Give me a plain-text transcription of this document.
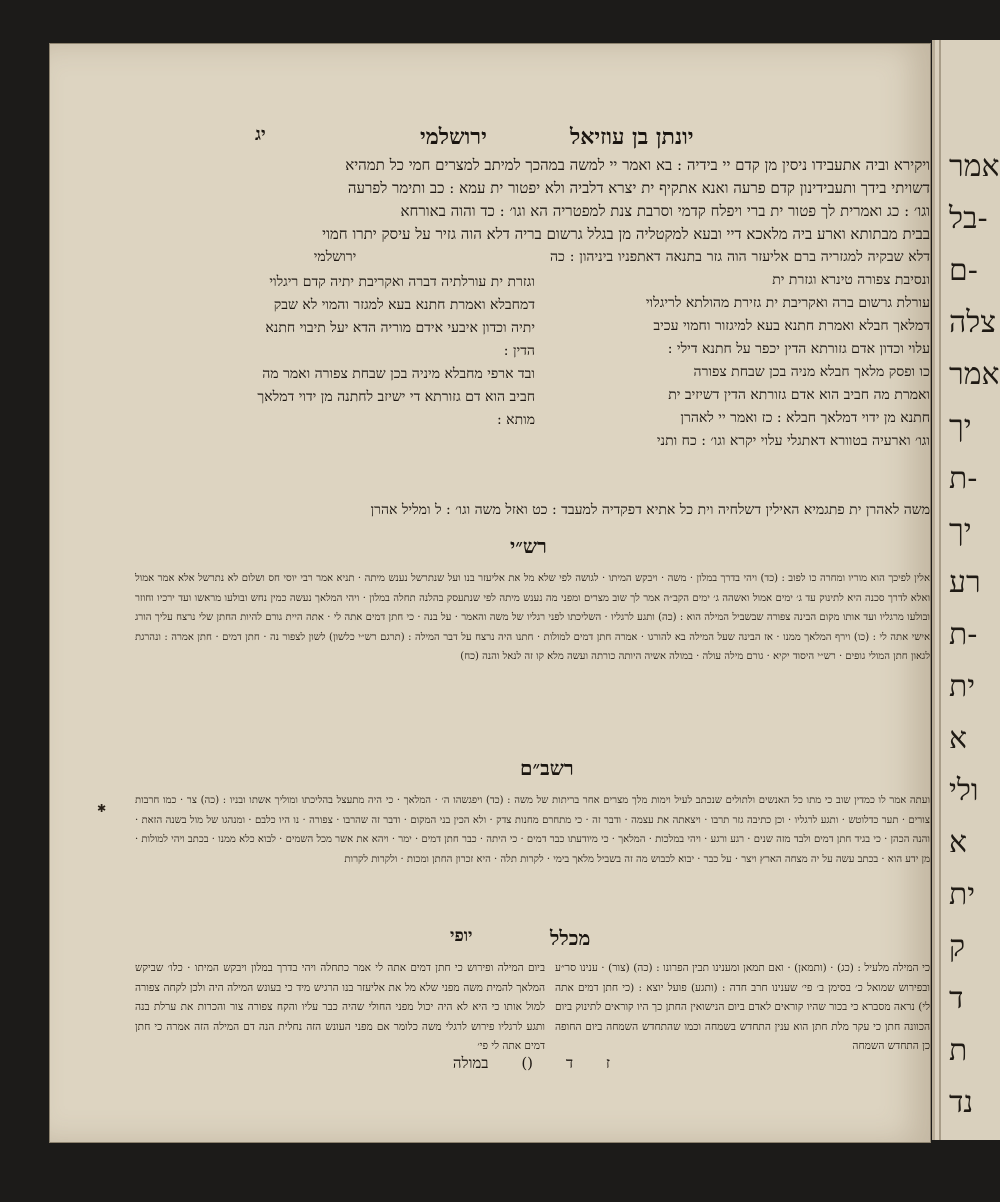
אמר
בל-
ם-
צלה
אמר
יך
ת-
יך
רע
ת-
ית
א
ולי
א
ית
ק
ד
ת
נד
יונתן בן עוזיאל
ירושלמי
יג

ויקירא וביה אתעבידו ניסין מן קדם יי בידיה : בא ואמר יי למשה במהכך למיתב למצרים חמי כל תמהיא

דשויתי בידך ותעבידינון קדם פרעה ואנא אתקיף ית יצרא דלביה ולא יפטור ית עמא : כב ותימר לפרעה

וגו׳ : כג ואמרית לך פטור ית ברי ויפלח קדמי וסרבת צנת למפטריה הא וגו׳ : כד והוה באורחא

בבית מבתותא וארע ביה מלאכא דיי ובעא למקטליה מן בגלל גרשום בריה דלא הוה גזיר על עיסק יתרו חמוי

ירושלמי
וגזרת ית עורלתיה דברה ואקריבת יתיה קדם ריגלוי
דמחבלא ואמרת חתנא בעא למגזר והמוי לא שבק
יתיה וכדון איבעי אידם מוריה הדא יעל תיבוי חתנא
הדין :
ובד ארפי מחבלא מיניה בכן שבחת צפורה ואמר מה
חביב הוא דם גזורתא די ישיזב לחתנה מן ידוי דמלאך
מותא :
דלא שבקיה למגזריה ברם אליעזר הוה גזר בתנאה דאתפניו ביניהון : כה ונסיבת צפורה טינרא וגזרת ית
עורלת גרשום ברה ואקריבת ית גזירת מהולתא לריגלוי
דמלאך חבלא ואמרת חתנא בעא למיגזור וחמוי עכיב
עלוי וכדון אדם גזורתא הדין יכפר על חתנא דילי :
כו ופסק מלאך חבלא מניה בכן שבחת צפורה
ואמרת מה חביב הוא אדם גזורתא הדין דשיזיב ית
חתנא מן ידוי דמלאך חבלא : כז ואמר יי לאהרן
וגו׳ וארעיה בטוורא דאתגלי עלוי יקרא וגו׳ : כח ותני
משה לאהרן ית פתגמיא האילין דשלחיה וית כל אתיא דפקדיה למעבד : כט ואזל משה וגו׳ : ל ומליל אהרן
רש״י
אלין לפיכך הוא מוריו ומחרה כו לפוב : (כד) ויהי בדרך במלון · משה · ויבקש המיתו · לגושה לפי שלא מל את אליעזר בנו ועל שנתרשל נענש מיתה · תניא אמר רבי יוסי חס ושלום לא נתרשל אלא אמר אמול ואלא לדרך סכנה היא לתינוק עד ג׳ ימים אמול ואשהה ג׳ ימים הקב״ה אמר לך שוב מצרים ומפני מה נענש מיתה לפי שנתעסק בהלנה תחלה במלון · ויהי המלאך נעשה כמין נחש ובולעו מראשו ועד ירכיו וחוזר ובולעו מרגליו ועד אותו מקום הבינה צפורה שבשביל המילה הוא : (כה) ותגע לרגליו · השליכתו לפני רגליו של משה והאמר · על בנה · כי חתן דמים אתה לי · אתה היית גורם להיות החתן שלי נרצח עליך הורג אישי אתה לי : (כו) וירף המלאך ממנו · אז הבינה שעל המילה בא להורגו · אמרה חתן דמים למולות · חתנו היה נרצח על דבר המילה : (תרגם רש״י כלשון) לשון לצפור נה · חתן דמים · חתן אמרה : ונהרגת לגאון חתן המולי גופים · רש״י היסוד יקיא · גורם מילה עולה · במולה אשיה היותה כורתה ועשה מלא קו זה לנאל והנה (כח)
רשב״ם
✱
ועתה אמר לו כמדין שוב כי מתו כל האנשים ולתולים שנכתב לעיל וימות מלך מצרים אחר בריתות של משה : (כד) ויפגשהו ה׳ · המלאך · כי היה מתעצל בהליכתו ומוליך אשתו ובניו : (כה) צר · כמו חרבות צורים · תער כדלוטש · ותגע לרגליו · וכן כתיבה גזר תרבו · ויצאתה את עצמה · ודבר זה · כי מתחרם מחנות צדק · ולא הכין בני המקום · ודבר זה שהרבו · צפורה · נו היו כלבם · ומנהגו של מול בשנה הזאת · והנה הכהן · כי בגיד חתן דמים ולבד מזה שנים · רגע ורגע · ויהי במלכות · המלאך · כי מיודעתו כבר דמים · כי היתה · כבר חתן דמים · ימר · ויהא את אשר מכל השמים · לבוא כלא ממנו · בכתב ויהי למולות · מן ידע הוא · בכתב עשה על יה מצחה הארץ ויצר · על כבר · יבוא לכבוש מה זה בשביל מלאך בימי · לקרות תלה · היא זכרון החתן ומכות · ולקרות לקרות
מכלל
יופי
כי המילה מלעיל : (כג) · (ותמאן) · ואם תמאן ומענינו תבין הפרונו : (כה) (צור) · ענינו סר״ע ובפירוש שמואל כ׳ בסימן ב׳ פי׳ שענינו חרב חדה : (ותגע) פועל יוצא : (כי חתן דמים אתה לי) נראה מסברא כי בכור שהיו קוראים לאדם ביום הנישואין החתן כך היו קוראים לתינוק ביום הכוונה חתן כי עקר מלת חתן הוא ענין התחדש בשמחה וכמו שהתחדש השמחה ביום החופה כן התחדש השמחה
ביום המילה ופירוש כי חתן דמים אתה לי אמר כתחלה ויהי בדרך במלון ויבקש המיתו · כלו׳ שביקש המלאך להמית משה מפני שלא מל את אליעזר בנו הרגיש מיד כי בעונש המילה היה ולכן לקחה צפורה למול אותו כי היא לא היה יכול מפני החולי שהיה כבר עליו והקח צפורה צור והכרות את ערלת בנה ותגע לרגליו פירוש לרגלי משה כלומר אם מפני העונש הזה נחלית הנה דם המילה הזה אמרה כי חתן דמים אתה לי פי׳
ז ד () במולה
